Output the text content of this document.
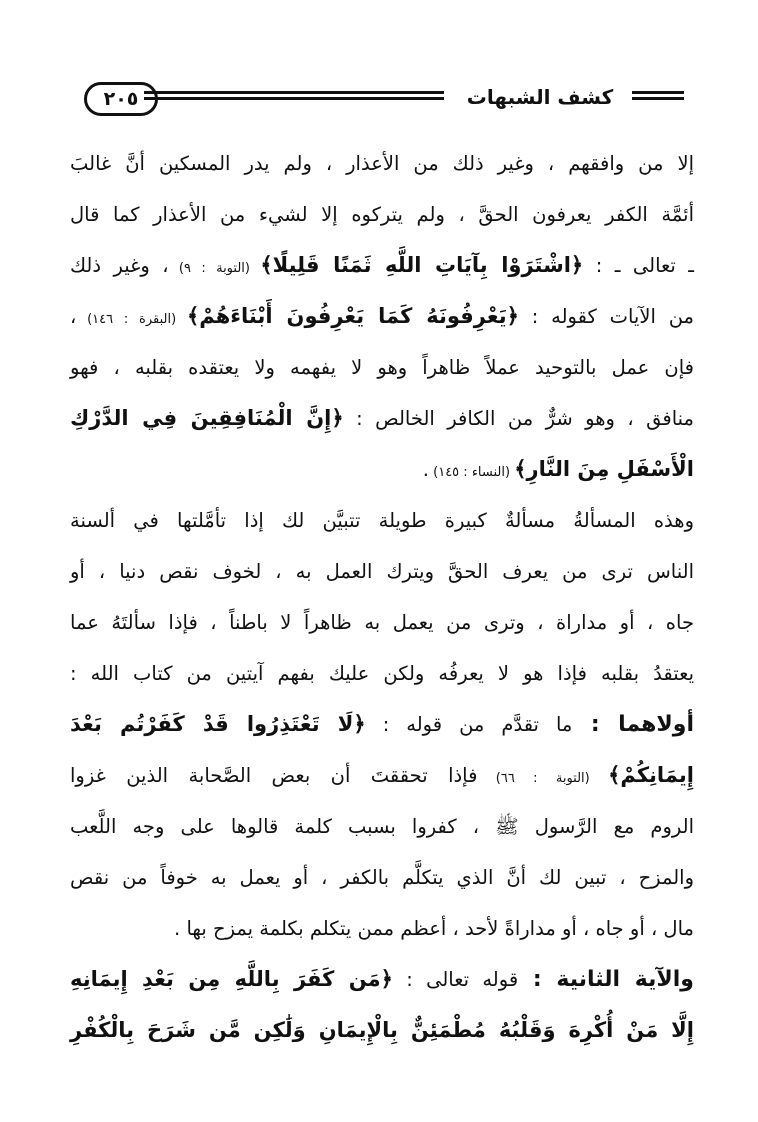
٢٠٥	كشف الشبهات
إلا من وافقهم ، وغير ذلك من الأعذار ، ولم يدر المسكين أنَّ غالبَ
أئمَّة الكفر يعرفون الحقَّ ، ولم يتركوه إلا لشيء من الأعذار كما قال
ـ تعالى ـ : ﴿اشْتَرَوْا بِآيَاتِ اللَّهِ ثَمَنًا قَلِيلًا﴾ (التوبة : ٩) ، وغير ذلك
من الآيات كقوله : ﴿يَعْرِفُونَهُ كَمَا يَعْرِفُونَ أَبْنَاءَهُمْ﴾ (البقرة : ١٤٦) ،
فإن عمل بالتوحيد عملاً ظاهراً وهو لا يفهمه ولا يعتقده بقلبه ، فهو
منافق ، وهو شرٌّ من الكافر الخالص : ﴿إِنَّ الْمُنَافِقِينَ فِي الدَّرْكِ
الْأَسْفَلِ مِنَ النَّارِ﴾ (النساء : ١٤٥) .
وهذه المسألةُ مسألةٌ كبيرة طويلة تتبيَّن لك إذا تأمَّلتها في ألسنة
الناس ترى من يعرف الحقَّ ويترك العمل به ، لخوف نقص دنيا ، أو
جاه ، أو مداراة ، وترى من يعمل به ظاهراً لا باطناً ، فإذا سألتَهُ عما
يعتقدُ بقلبه فإذا هو لا يعرفُه ولكن عليك بفهم آيتين من كتاب الله :
أولاهما : ما تقدَّم من قوله : ﴿لَا تَعْتَذِرُوا قَدْ كَفَرْتُم بَعْدَ
إِيمَانِكُمْ﴾ (التوبة : ٦٦) فإذا تحققتَ أن بعض الصَّحابة الذين غزوا
الروم مع الرَّسول ﷺ ، كفروا بسبب كلمة قالوها على وجه اللَّعب
والمزح ، تبين لك أنَّ الذي يتكلَّم بالكفر ، أو يعمل به خوفاً من نقص
مال ، أو جاه ، أو مداراةً لأحد ، أعظم ممن يتكلم بكلمة يمزح بها .
والآية الثانية : قوله تعالى : ﴿مَن كَفَرَ بِاللَّهِ مِن بَعْدِ إِيمَانِهِ
إِلَّا مَنْ أُكْرِهَ وَقَلْبُهُ مُطْمَئِنٌّ بِالْإِيمَانِ وَلَٰكِن مَّن شَرَحَ بِالْكُفْرِ
